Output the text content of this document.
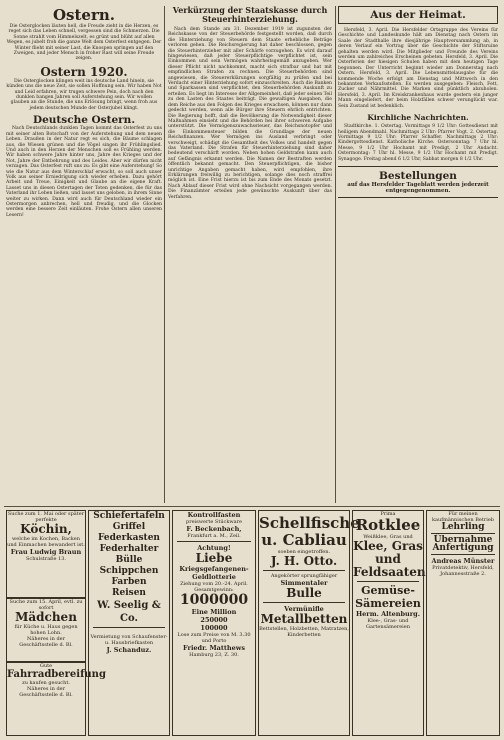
Ostern.

Die Osterglocken läuten hell, die Freude zieht in die Herzen, es reget sich das Leben schnell, vergessen sind die Schmerzen. Die Sonne strahlt vom Himmelszelt, es grünt und blüht auf allen Wegen, es jubelt froh die ganze Welt dem Osterfest entgegen. Der Winter flieht mit seiner Last, die Knospen springen auf den Zweigen, und jeder Mensch in froher Rast will seine Freude zeigen.

Ostern 1920.

Die Osterglocken klingen weit ins deutsche Land hinein, sie künden uns die neue Zeit, sie sollen Hoffnung sein. Wir haben Not und Leid erfahren, wir trugen schwere Pein, doch nach den dunklen bangen Jahren soll Auferstehung sein. Wir wollen glauben an die Stunde, die uns Erlösung bringt, wenn froh aus jedem deutschen Munde der Osterjubel klingt.

Deutsche Ostern.

Nach Deutschlands dunklen Tagen kommt das Osterfest zu uns mit seiner alten Botschaft von der Auferstehung und dem neuen Leben. Draußen in der Natur regt es sich, die Bäume schlagen aus, die Wiesen grünen und die Vögel singen ihr Frühlingslied. Und auch in den Herzen der Menschen soll es Frühling werden. Wir haben schwere Jahre hinter uns, Jahre des Krieges und der Not, Jahre der Entbehrung und des Leides. Aber wir dürfen nicht verzagen. Das Osterfest ruft uns zu: Es gibt eine Auferstehung! So wie die Natur aus dem Winterschlaf erwacht, so soll auch unser Volk aus seiner Erniedrigung sich wieder erheben. Dazu gehört Arbeit und Treue, Einigkeit und Glaube an die eigene Kraft. Lasset uns in diesen Ostertagen der Toten gedenken, die für das Vaterland ihr Leben ließen, und lasset uns geloben, in ihrem Sinne weiter zu wirken. Dann wird auch für Deutschland wieder ein Ostermorgen anbrechen, hell und freudig, und die Glocken werden eine bessere Zeit einläuten. Frohe Ostern allen unseren Lesern!

Verkürzung der Staatskasse durch Steuerhinterziehung.

Nach dem Stande am 31. Dezember 1919 ist zugunsten der Reichskasse von der Steuerbehörde festgestellt worden, daß durch die Hinterziehung von Steuern dem Staate erhebliche Beträge verloren gehen. Die Reichsregierung hat daher beschlossen, gegen die Steuerhinterzieher mit aller Schärfe vorzugehen. Es wird darauf hingewiesen, daß jeder Steuerpflichtige verpflichtet ist, sein Einkommen und sein Vermögen wahrheitsgemäß anzugeben. Wer dieser Pflicht nicht nachkommt, macht sich strafbar und hat mit empfindlichen Strafen zu rechnen. Die Steuerbehörden sind angewiesen, die Steuererklärungen sorgfältig zu prüfen und bei Verdacht einer Hinterziehung sofort einzuschreiten. Auch die Banken und Sparkassen sind verpflichtet, den Steuerbehörden Auskunft zu erteilen. Es liegt im Interesse der Allgemeinheit, daß jeder seinen Teil zu den Lasten des Staates beiträgt. Die gewaltigen Ausgaben, die dem Reiche aus den Folgen des Krieges erwachsen, können nur dann gedeckt werden, wenn alle Bürger ihre Steuern ehrlich entrichten. Die Regierung hofft, daß die Bevölkerung die Notwendigkeit dieser Maßnahmen einsieht und die Behörden bei ihrer schweren Aufgabe unterstützt. Die Vermögenszuwachssteuer, das Reichsnotopfer und die Einkommensteuer bilden die Grundlage der neuen Reichsfinanzen. Wer Vermögen ins Ausland verbringt oder verschweigt, schädigt die Gesamtheit des Volkes und handelt gegen das Vaterland. Die Strafen für Steuerhinterziehung sind daher bedeutend verschärft worden. Neben hohen Geldstrafen kann auch auf Gefängnis erkannt werden. Die Namen der Bestraften werden öffentlich bekannt gemacht. Den Steuerpflichtigen, die bisher unrichtige Angaben gemacht haben, wird empfohlen, ihre Erklärungen freiwillig zu berichtigen, solange dies noch straffrei möglich ist. Eine Frist hierzu ist bis zum Ende des Monats gesetzt. Nach Ablauf dieser Frist wird ohne Nachsicht vorgegangen werden. Die Finanzämter erteilen jede gewünschte Auskunft über das Verfahren.

Aus der Heimat.

Hersfeld, 3. April. Die Hersfelder Ortsgruppe des Vereins für Geschichte und Landeskunde hält am Dienstag nach Ostern im Saale der Stadthalle ihre diesjährige Hauptversammlung ab, in deren Verlauf ein Vortrag über die Geschichte der Stiftsruine gehalten werden wird. Die Mitglieder und Freunde des Vereins werden um zahlreiches Erscheinen gebeten. Hersfeld, 3. April. Die Osterferien der hiesigen Schulen haben mit dem heutigen Tage begonnen. Der Unterricht beginnt wieder am Donnerstag nach Ostern. Hersfeld, 3. April. Die Lebensmittelausgabe für die kommende Woche erfolgt am Dienstag und Mittwoch in den bekannten Verkaufsstellen. Es werden ausgegeben: Fleisch, Fett, Zucker und Nährmittel. Die Marken sind pünktlich abzuholen. Hersfeld, 3. April. Im Kreiskrankenhaus wurde gestern ein junger Mann eingeliefert, der beim Holzfällen schwer verunglückt war. Sein Zustand ist bedenklich.

Kirchliche Nachrichten.

Stadtkirche. 1. Ostertag. Vormittags 9 1/2 Uhr: Gottesdienst mit heiligem Abendmahl. Nachmittags 2 Uhr: Pfarrer Vogt. 2. Ostertag. Vormittags 9 1/2 Uhr: Pfarrer Schaffer. Nachmittags 2 Uhr: Kindergottesdienst. Katholische Kirche. Ostersonntag: 7 Uhr hl. Messe, 9 1/2 Uhr Hochamt mit Predigt, 2 Uhr Andacht. Ostermontag: 7 Uhr hl. Messe, 9 1/2 Uhr Hochamt mit Predigt. Synagoge. Freitag abend 6 1/2 Uhr, Sabbat morgen 8 1/2 Uhr.

Bestellungen
auf das Hersfelder Tageblatt werden jederzeit entgegengenommen.
Suche zum 1. Mai oder später perfekte
Köchin,
welche im Kochen, Backen und Einmachen bewandert ist.
Frau Ludwig Braun
Schulstraße 13.
Suche zum 15. April, evtl. zu sofort
Mädchen
für Küche u. Haus gegen hohen Lohn.
Näheres in der Geschäftsstelle d. Bl.
Gute
Fahrradbereifung
zu kaufen gesucht.
Näheres in der Geschäftsstelle d. Bl.
Schiefertafeln
Griffel
Federkasten
Federhalter
Bülle
Schippchen
Farben
Reisen
W. Seelig & Co.
Vermietung von Schaufenster- u. Hausbriefkasten
J. Schanduz.
Kontrollfasten
preiswerte Stückware
F. Beckenbach,
Frankfurt a. M., Zeil.
Achtung!
Liebe
Kriegsgefangenen- Geldlotterie
Ziehung vom 20.-24. April.
Gesamtgewinn:
1000000
Eine Million
250000
100000
Lose zum Preise von M. 3.30 und Porto
Friedr. Matthews
Hamburg 23, Z. 30.
Schellfische u. Cabliau
soeben eingetroffen.
J. H. Otto.
Angekörter sprungfähiger
Simmentaler
Bulle
Vermünifle
Metallbetten
Bettstellen, Holzbetten, Matratzen, Kinderbetten
Prima
Rotklee
Weißklee, Gras und
Klee, Gras und Feldsaaten
Gemüse-Sämereien
Herm. Altenburg.
Klee-, Gras- und Gartensämereien
Für meinen kaufmännischen Betrieb
Lehrling
Übernahme
Anfertigung
Andreas Münster
Privatdetektiv, Hersfeld, Johannesstraße 2.
